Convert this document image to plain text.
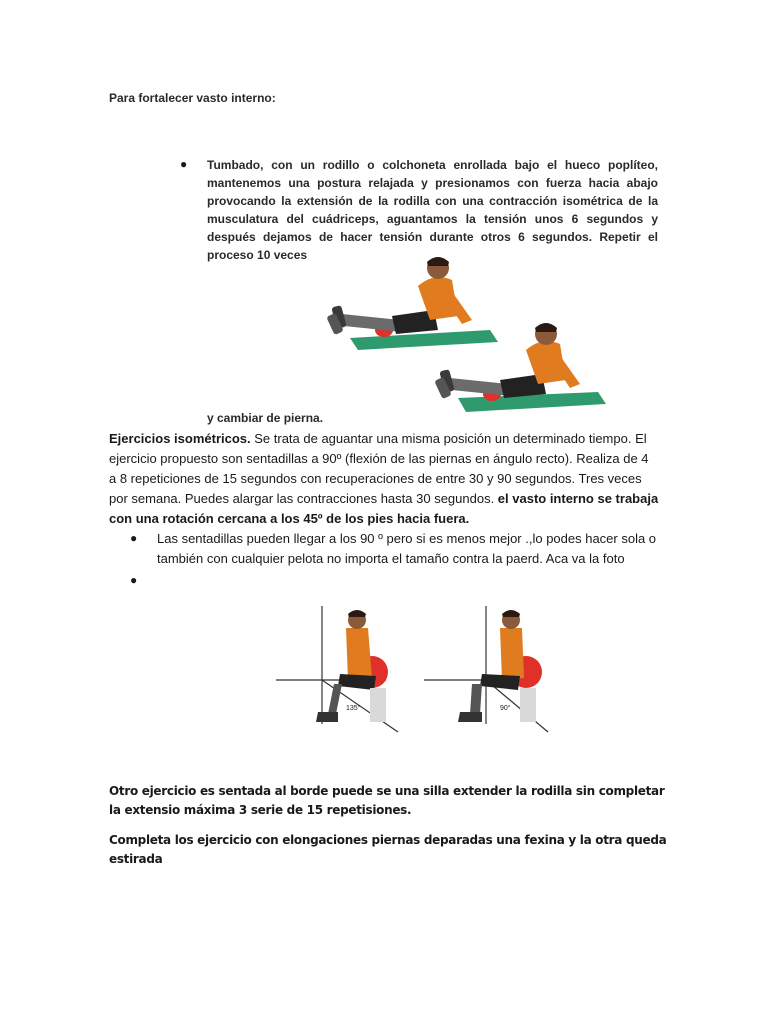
Para fortalecer vasto interno:
● Tumbado, con un rodillo o colchoneta enrollada bajo el hueco poplíteo, mantenemos una postura relajada y presionamos con fuerza hacia abajo provocando la extensión de la rodilla con una contracción isométrica de la musculatura del cuádriceps, aguantamos la tensión unos 6 segundos y después dejamos de hacer tensión durante otros 6 segundos. Repetir el proceso 10 veces
y cambiar de pierna.
Ejercicios isométricos. Se trata de aguantar una misma posición un determinado tiempo. El ejercicio propuesto son sentadillas a 90º (flexión de las piernas en ángulo recto). Realiza de 4 a 8 repeticiones de 15 segundos con recuperaciones de entre 30 y 90 segundos. Tres veces por semana. Puedes alargar las contracciones hasta 30 segundos. el vasto interno se trabaja con una rotación cercana a los 45º de los pies hacia fuera.
● Las sentadillas pueden llegar a los 90 º pero si es menos mejor .,lo podes hacer sola o también con cualquier pelota no importa el tamaño contra la paerd. Aca va la foto
●
135°	90°
Otro ejercicio es sentada al borde puede se una silla extender la rodilla sin completar la extensio máxima 3 serie de 15 repetisiones.
Completa los ejercicio con elongaciones piernas deparadas una fexina y la otra queda estirada
